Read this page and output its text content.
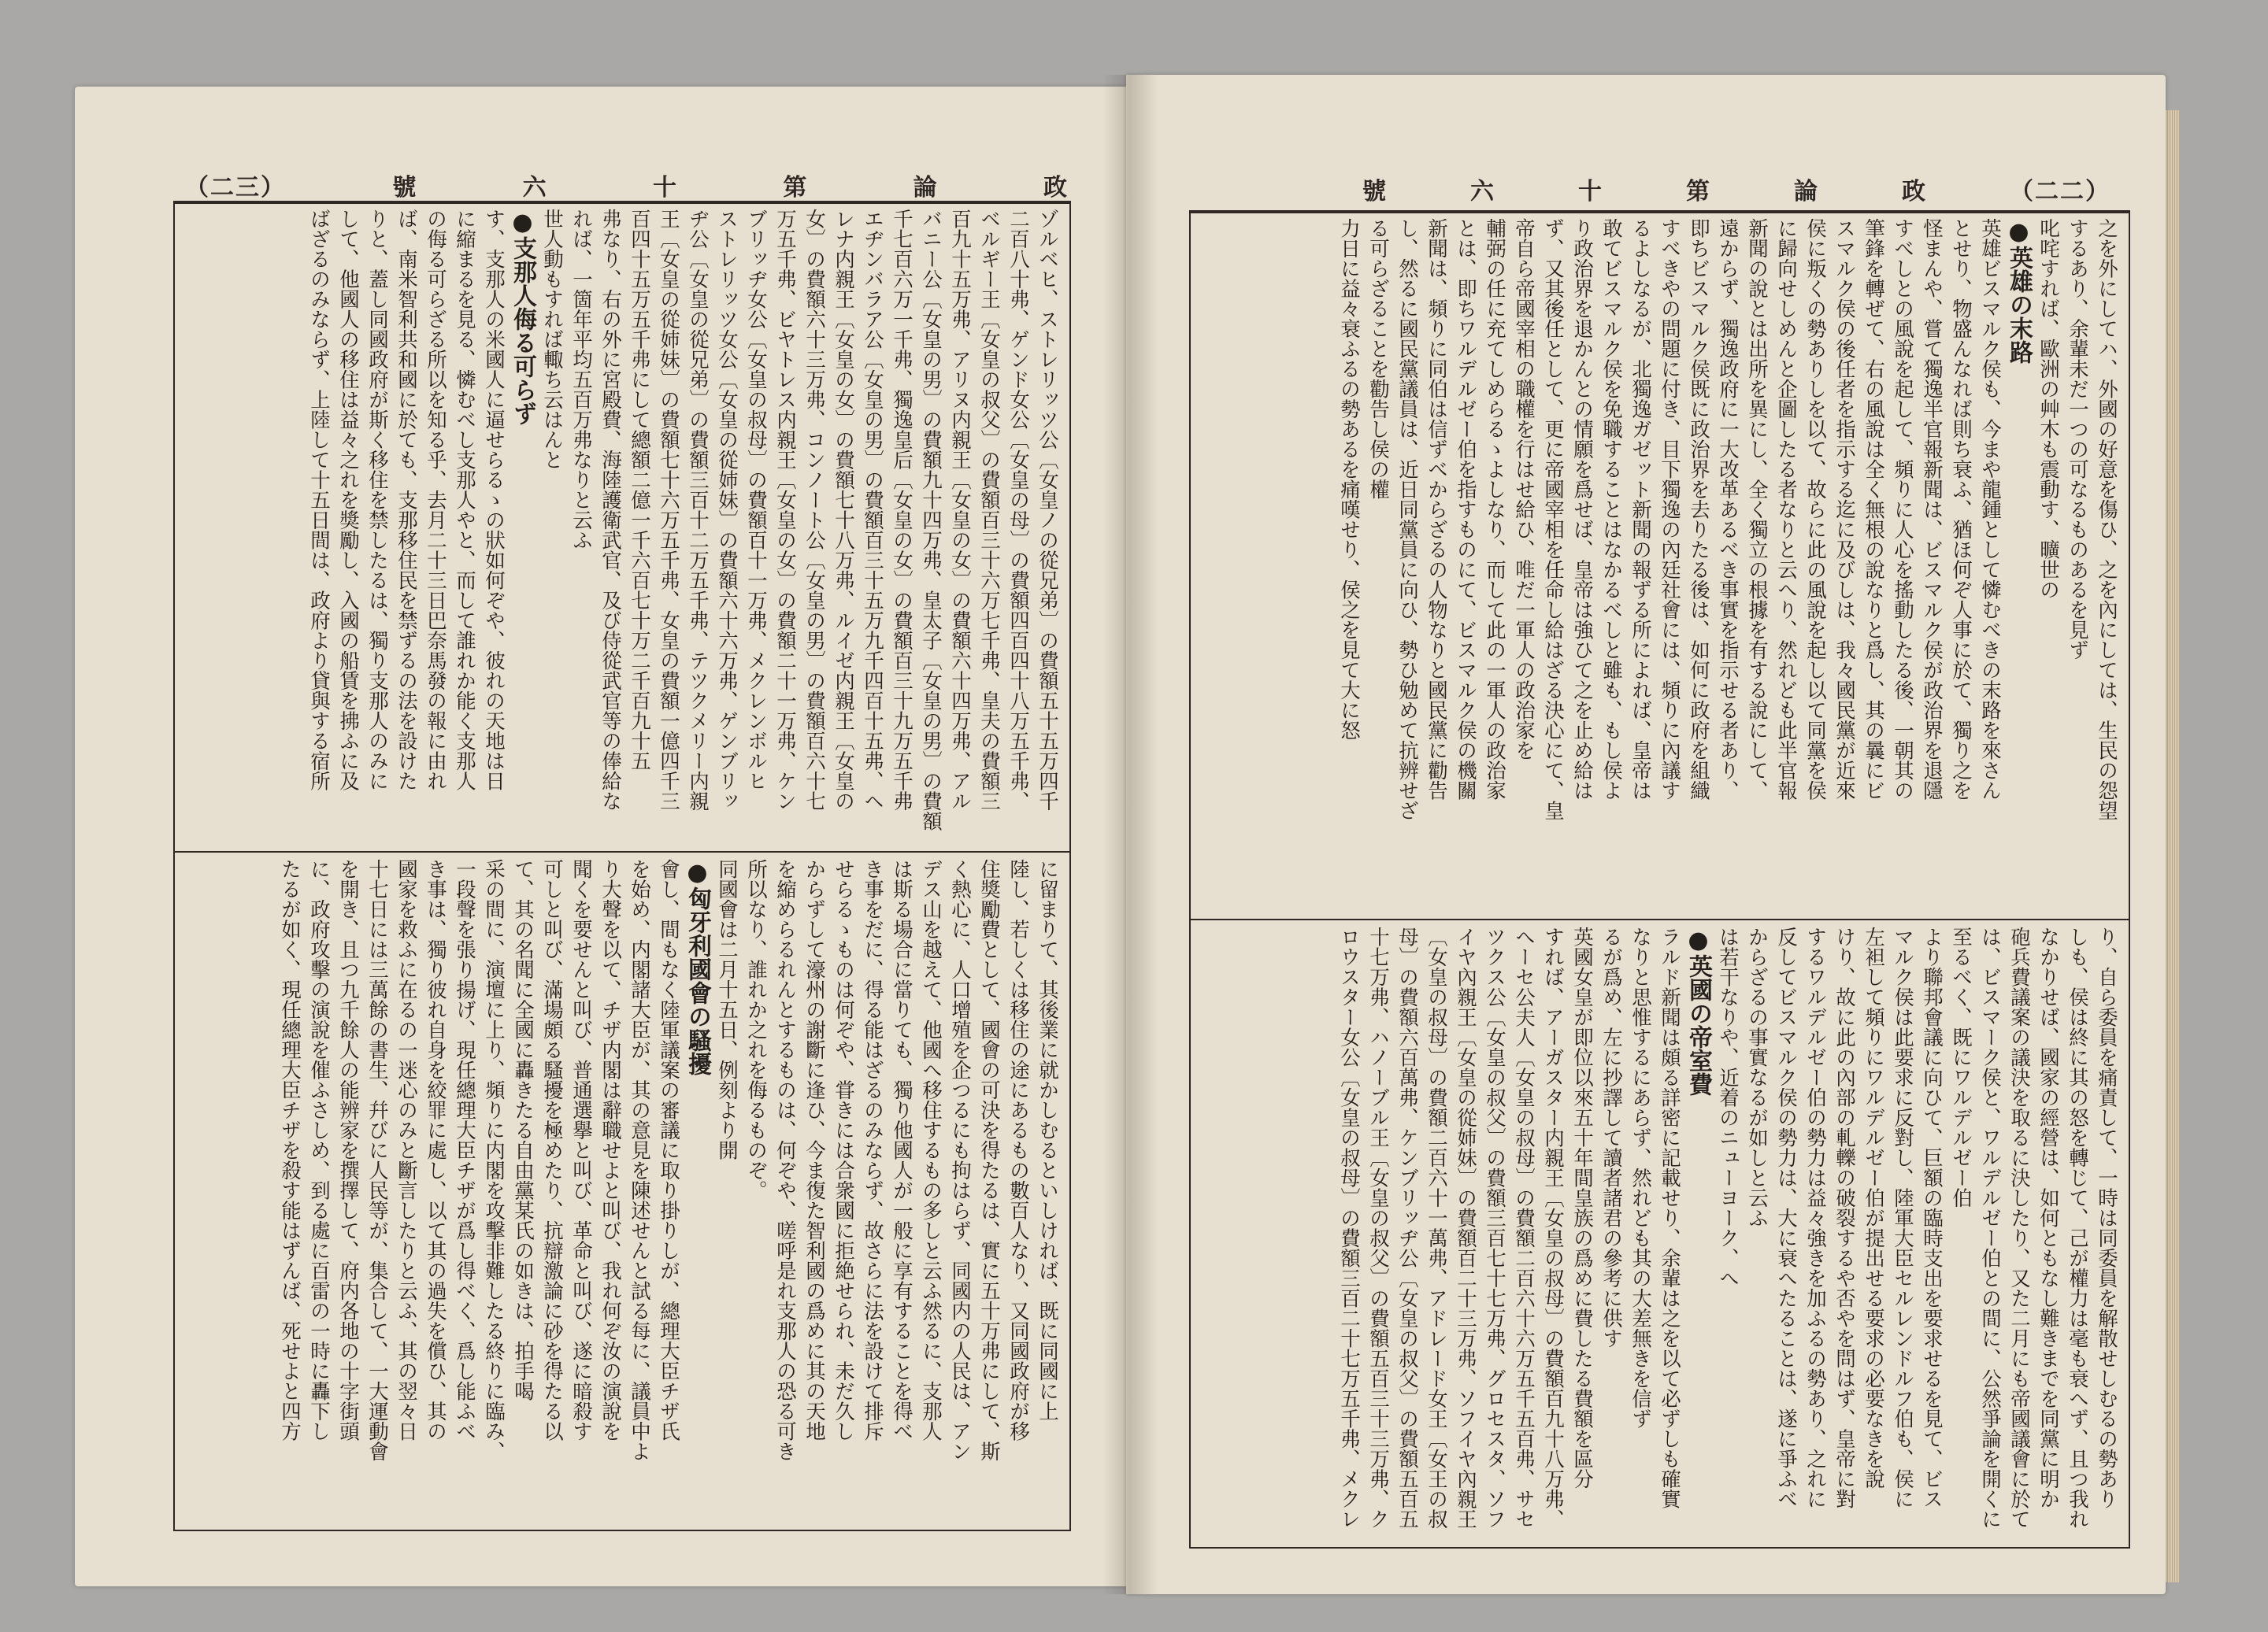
（二三）	號	六	十	第	論	政
ゾルベヒ、ストレリッツ公〔女皇ノの從兄弟〕の費額五十五万四千
二百八十弗、ゲンド女公〔女皇の母〕の費額四百四十八万五千弗、
ベルギー王〔女皇の叔父〕の費額百三十六万七千弗、皇夫の費額三
百九十五万弗、アリヌ内親王〔女皇の女〕の費額六十四万弗、アル
バニー公〔女皇の男〕の費額九十四万弗、皇太子〔女皇の男〕の費額
千七百六万一千弗、獨逸皇后〔女皇の女〕の費額百三十九万五千弗
エヂンバラア公〔女皇の男〕の費額百三十五万九千四百十五弗、ヘ
レナ内親王〔女皇の女〕の費額七十八万弗、ルイゼ内親王〔女皇の
女〕の費額六十三万弗、コンノート公〔女皇の男〕の費額百六十七
万五千弗、ビヤトレス内親王〔女皇の女〕の費額二十一万弗、ケン
ブリッヂ女公〔女皇の叔母〕の費額百十一万弗、メクレンボルヒ
ストレリッツ女公〔女皇の從姉妹〕の費額六十六万弗、ゲンブリッ
ヂ公〔女皇の從兄弟〕の費額三百十二万五千弗、テツクメリー内親
王〔女皇の從姉妹〕の費額七十六万五千弗、女皇の費額一億四千三
百四十五万五千弗にして總額二億一千六百七十万二千百九十五
弗なり、右の外に宮殿費、海陸護衛武官、及び侍從武官等の俸給な
れば、一箇年平均五百万弗なりと云ふ
世人動もすれば輙ち云はんと
●支那人侮る可らず
す、支那人の米國人に逼せらるゝの狀如何ぞや、彼れの天地は日
に縮まるを見る、憐むべし支那人やと、而して誰れか能く支那人
の侮る可らざる所以を知る乎、去月二十三日巴奈馬發の報に由れ
ば、南米智利共和國に於ても、支那移住民を禁ずるの法を設けた
りと、蓋し同國政府が斯く移住を禁したるは、獨り支那人のみに
して、他國人の移住は益々之れを獎勵し、入國の船賃を拂ふに及
ばざるのみならず、上陸して十五日間は、政府より貸與する宿所
に留まりて、其後業に就かしむるといしければ、既に同國に上
陸し、若しくは移住の途にあるもの數百人なり、又同國政府が移
住獎勵費として、國會の可決を得たるは、實に五十万弗にして、斯
く熱心に、人口增殖を企つるにも拘はらず、同國内の人民は、アン
デス山を越えて、他國へ移住するもの多しと云ふ然るに、支那人
は斯る場合に當りても、獨り他國人が一般に享有することを得べ
き事をだに、得る能はざるのみならず、故さらに法を設けて排斥
せらるゝものは何ぞや、甞きには合衆國に拒絶せられ、未だ久し
からずして濠州の謝斷に逢ひ、今ま復た智利國の爲めに其の天地
を縮めらるれんとするものは、何ぞや、嗟呼是れ支那人の恐る可き
所以なり、誰れか之れを侮るものぞ。
同國會は二月十五日、例刻より開
●匈牙利國會の騷擾
會し、間もなく陸軍議案の審議に取り掛りしが、總理大臣チザ氏
を始め、内閣諸大臣が、其の意見を陳述せんと試る每に、議員中よ
り大聲を以て、チザ内閣は辭職せよと叫び、我れ何ぞ汝の演說を
聞くを要せんと叫び、普通選擧と叫び、革命と叫び、遂に暗殺す
可しと叫び、滿場頗る騷擾を極めたり、抗辯激論に砂を得たる以
て、其の名聞に全國に轟きたる自由黨某氏の如きは、拍手喝
采の間に、演壇に上り、頻りに内閣を攻擊非難したる終りに臨み、
一段聲を張り揚げ、現任總理大臣チザが爲し得べく、爲し能ふべ
き事は、獨り彼れ自身を絞罪に處し、以て其の過失を償ひ、其の
國家を救ふに在るの一迷心のみと斷言したりと云ふ、其の翌々日
十七日には三萬餘の書生、幷びに人民等が、集合して、一大運動會
を開き、且つ九千餘人の能辨家を撰擇して、府内各地の十字街頭
に、政府攻擊の演說を催ふさしめ、到る處に百雷の一時に轟下し
たるが如く、現任總理大臣チザを殺す能はずんば、死せよと四方
號	六	十	第	論	政	（二二）
之を外にしてハ、外國の好意を傷ひ、之を內にしては、生民の怨望
するあり、余輩未だ一つの可なるものあるを見ず
叱咤すれば、歐洲の艸木も震動す、曠世の
●英雄の末路
英雄ビスマルク侯も、今まや龍鍾として憐むべきの末路を來さん
とせり、物盛んなれば則ち衰ふ、猶ほ何ぞ人事に於て、獨り之を
怪まんや、嘗て獨逸半官報新聞は、ビスマルク侯が政治界を退隱
すべしとの風說を起して、頻りに人心を搖動したる後、一朝其の
筆鋒を轉ぜて、右の風說は全く無根の說なりと爲し、其の曩にビ
スマルク侯の後任者を指示する迄に及びしは、我々國民黨が近來
侯に叛くの勢ありしを以て、故らに此の風說を起し以て同黨を侯
に歸向せしめんと企圖したる者なりと云へり、然れども此半官報
新聞の說とは出所を異にし、全く獨立の根據を有する說にして、
遠からず、獨逸政府に一大改革あるべき事實を指示せる者あり、
即ちビスマルク侯既に政治界を去りたる後は、如何に政府を組織
すべきやの問題に付き、目下獨逸の內廷社會には、頻りに內議す
るよしなるが、北獨逸ガゼット新聞の報ずる所によれば、皇帝は
敢てビスマルク侯を免職することはなかるべしと雖も、もし侯よ
り政治界を退かんとの情願を爲せば、皇帝は強ひて之を止め給は
ず、又其後任として、更に帝國宰相を任命し給はざる決心にて、皇
帝自ら帝國宰相の職權を行はせ給ひ、唯だ一軍人の政治家を
輔弼の任に充てしめらるゝよしなり、而して此の一軍人の政治家
とは、即ちワルデルゼー伯を指すものにて、ビスマルク侯の機關
新聞は、頻りに同伯は信ずべからざるの人物なりと國民黨に勸告
し、然るに國民黨議員は、近日同黨員に向ひ、勢ひ勉めて抗辨せざ
る可らざることを勸告し侯の權
力日に益々衰ふるの勢あるを痛嘆せり、侯之を見て大に怒
り、自ら委員を痛責して、一時は同委員を解散せしむるの勢あり
しも、侯は終に其の怒を轉じて、己が權力は毫も衰へず、且つ我れ
なかりせば、國家の經營は、如何ともなし難きまでを同黨に明か
砲兵費議案の議決を取るに決したり、又た二月にも帝國議會に於て
は、ビスマーク侯と、ワルデルゼー伯との間に、公然爭論を開くに至るべく、既にワルデルゼー伯
より聯邦會議に向ひて、巨額の臨時支出を要求せるを見て、ビス
マルク侯は此要求に反對し、陸軍大臣セルレンドルフ伯も、侯に
左袒して頻りにワルデルゼー伯が提出せる要求の必要なきを說
けり、故に此の內部の軋轢の破裂するや否やを問はず、皇帝に對
するワルデルゼー伯の勢力は益々強きを加ふるの勢あり、之れに
反してビスマルク侯の勢力は、大に衰へたることは、遂に爭ふべ
からざるの事實なるが如しと云ふ
は若干なりや、近着のニューヨーク、へ
●英國の帝室費
ラルド新聞は頗る詳密に記載せり、余輩は之を以て必ずしも確實
なりと思惟するにあらず、然れども其の大差無きを信ず
るが爲め、左に抄譯して讀者諸君の參考に供す
英國女皇が即位以來五十年間皇族の爲めに費したる費額を區分
すれば、アーガスター内親王〔女皇の叔母〕の費額百九十八万弗、
へーセ公夫人〔女皇の叔母〕の費額二百六十六万五千五百弗、サセ
ツクス公〔女皇の叔父〕の費額三百七十七万弗、グロセスタ、ソフ
イヤ內親王〔女皇の從姉妹〕の費額百二十三万弗、ソフイヤ內親王
〔女皇の叔母〕の費額二百六十一萬弗、アドレード女王〔女王の叔
母〕の費額六百萬弗、ケンブリッヂ公〔女皇の叔父〕の費額五百五
十七万弗、ハノーブル王〔女皇の叔父〕の費額五百三十三万弗、ク
ロウスター女公〔女皇の叔母〕の費額三百二十七万五千弗、メクレ
